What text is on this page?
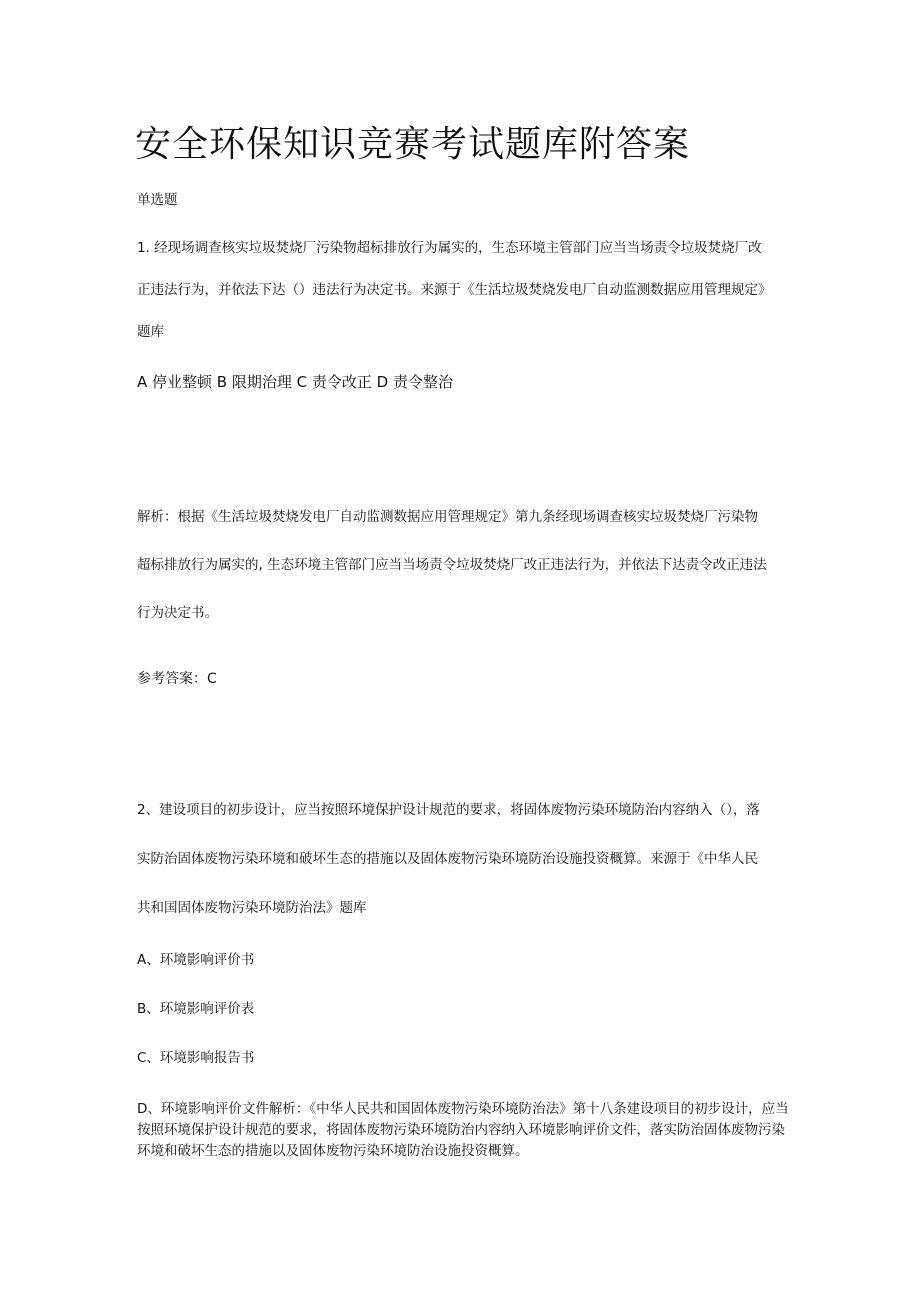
安全环保知识竞赛考试题库附答案
单选题
1. 经现场调查核实垃圾焚烧厂污染物超标排放行为属实的，生态环境主管部门应当当场责令垃圾焚烧厂改
正违法行为，并依法下达（）违法行为决定书。来源于《生活垃圾焚烧发电厂自动监测数据应用管理规定》
题库
A 停业整顿 B 限期治理 C 责令改正 D 责令整治
解析：根据《生活垃圾焚烧发电厂自动监测数据应用管理规定》第九条经现场调查核实垃圾焚烧厂污染物
超标排放行为属实的, 生态环境主管部门应当当场责令垃圾焚烧厂改正违法行为，并依法下达责令改正违法
行为决定书。
参考答案：C
2、建设项目的初步设计，应当按照环境保护设计规范的要求，将固体废物污染环境防治内容纳入（），落
实防治固体废物污染环境和破坏生态的措施以及固体废物污染环境防治设施投资概算。来源于《中华人民
共和国固体废物污染环境防治法》题库
A、环境影响评价书
B、环境影响评价表
C、环境影响报告书
D、环境影响评价文件解析：《中华人民共和国固体废物污染环境防治法》第十八条建设项目的初步设计，应当按照环境保护设计规范的要求，将固体废物污染环境防治内容纳入环境影响评价文件，落实防治固体废物污染环境和破坏生态的措施以及固体废物污染环境防治设施投资概算。
